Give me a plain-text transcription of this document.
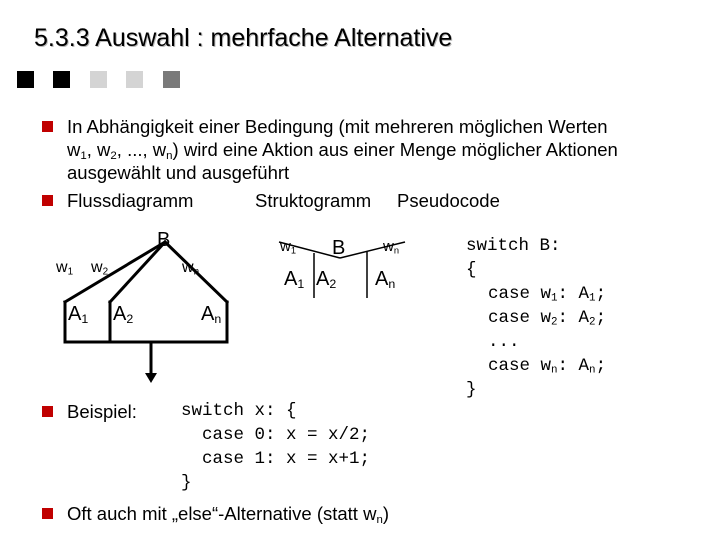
5.3.3 Auswahl : mehrfache Alternative
In Abhängigkeit einer Bedingung (mit mehreren möglichen Werten
$w_1$, $w_2$, ..., $w_n$) wird eine Aktion aus einer Menge möglicher Aktionen
ausgewählt und ausgeführt
Flussdiagramm	Struktogramm Pseudocode
B
$w_1$ $w_2$	$w_n$
$A_1$ $A_2$	$A_n$
$w_1$ B	$w_n$
$A_1$ $A_2$ $A_n$
switch B:
{
case $w_1$: $A_1$;
case $w_2$: $A_2$;
...
case $w_n$: $A_n$;
}
Beispiel:	switch x: {
case 0: x = x/2;
case 1: x = x+1;
}
Oft auch mit „else“-Alternative (statt $w_n$)
